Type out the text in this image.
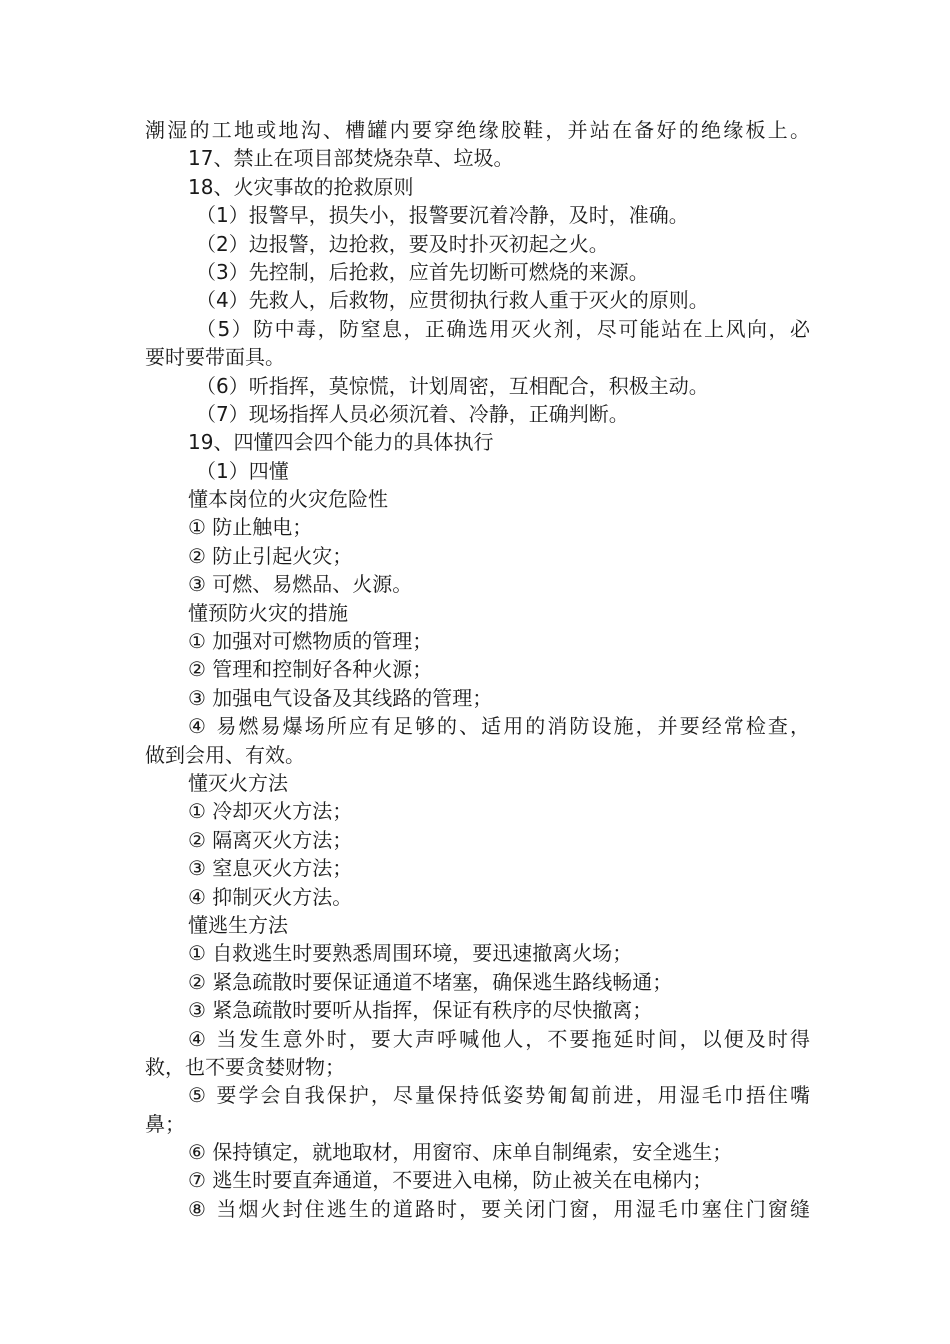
潮湿的工地或地沟、槽罐内要穿绝缘胶鞋，并站在备好的绝缘板上。
17、禁止在项目部焚烧杂草、垃圾。
18、火灾事故的抢救原则
（1）报警早，损失小，报警要沉着冷静，及时，准确。
（2）边报警，边抢救，要及时扑灭初起之火。
（3）先控制，后抢救，应首先切断可燃烧的来源。
（4）先救人，后救物，应贯彻执行救人重于灭火的原则。
（5）防中毒，防窒息，正确选用灭火剂，尽可能站在上风向，必
要时要带面具。
（6）听指挥，莫惊慌，计划周密，互相配合，积极主动。
（7）现场指挥人员必须沉着、冷静，正确判断。
19、四懂四会四个能力的具体执行
（1）四懂
懂本岗位的火灾危险性
① 防止触电；
② 防止引起火灾；
③ 可燃、易燃品、火源。
懂预防火灾的措施
① 加强对可燃物质的管理；
② 管理和控制好各种火源；
③ 加强电气设备及其线路的管理；
④ 易燃易爆场所应有足够的、适用的消防设施，并要经常检查，
做到会用、有效。
懂灭火方法
① 冷却灭火方法；
② 隔离灭火方法；
③ 窒息灭火方法；
④ 抑制灭火方法。
懂逃生方法
① 自救逃生时要熟悉周围环境，要迅速撤离火场；
② 紧急疏散时要保证通道不堵塞，确保逃生路线畅通；
③ 紧急疏散时要听从指挥，保证有秩序的尽快撤离；
④ 当发生意外时，要大声呼喊他人，不要拖延时间，以便及时得
救，也不要贪婪财物；
⑤ 要学会自我保护，尽量保持低姿势匍匐前进，用湿毛巾捂住嘴
鼻；
⑥ 保持镇定，就地取材，用窗帘、床单自制绳索，安全逃生；
⑦ 逃生时要直奔通道，不要进入电梯，防止被关在电梯内；
⑧ 当烟火封住逃生的道路时，要关闭门窗，用湿毛巾塞住门窗缝
